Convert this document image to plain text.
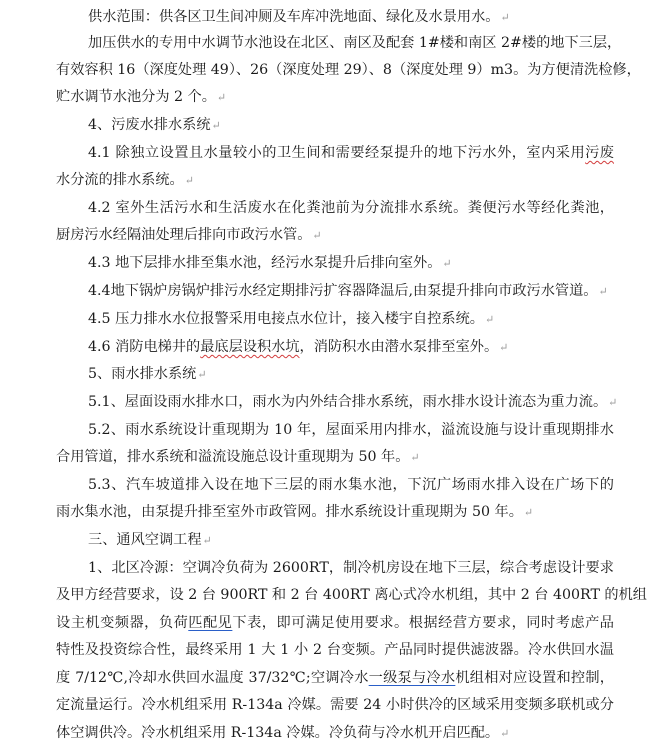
供水范围：供各区卫生间冲厕及车库冲洗地面、绿化及水景用水。↵
加压供水的专用中水调节水池设在北区、南区及配套 1#楼和南区 2#楼的地下三层，
有效容积 16（深度处理 49）、26（深度处理 29）、8（深度处理 9）m3。为方便清洗检修，
贮水调节水池分为 2 个。↵
4、污废水排水系统↵
4.1 除独立设置且水量较小的卫生间和需要经泵提升的地下污水外，室内采用污废
水分流的排水系统。↵
4.2 室外生活污水和生活废水在化粪池前为分流排水系统。粪便污水等经化粪池，
厨房污水经隔油处理后排向市政污水管。↵
4.3 地下层排水排至集水池，经污水泵提升后排向室外。↵
4.4地下锅炉房锅炉排污水经定期排污扩容器降温后,由泵提升排向市政污水管道。↵
4.5 压力排水水位报警采用电接点水位计，接入楼宇自控系统。↵
4.6 消防电梯井的最底层设积水坑，消防积水由潜水泵排至室外。↵
5、雨水排水系统↵
5.1、屋面设雨水排水口，雨水为内外结合排水系统，雨水排水设计流态为重力流。↵
5.2、雨水系统设计重现期为 10 年，屋面采用内排水，溢流设施与设计重现期排水
合用管道，排水系统和溢流设施总设计重现期为 50 年。↵
5.3、汽车坡道排入设在地下三层的雨水集水池，下沉广场雨水排入设在广场下的
雨水集水池，由泵提升排至室外市政管网。排水系统设计重现期为 50 年。↵
三、通风空调工程↵
1、北区冷源：空调冷负荷为 2600RT，制冷机房设在地下三层，综合考虑设计要求
及甲方经营要求，设 2 台 900RT 和 2 台 400RT 离心式冷水机组，其中 2 台 400RT 的机组
设主机变频器，负荷匹配见下表，即可满足使用要求。根据经营方要求，同时考虑产品
特性及投资综合性，最终采用 1 大 1 小 2 台变频。产品同时提供滤波器。冷水供回水温
度 7/12℃,冷却水供回水温度 37/32℃;空调冷水一级泵与冷水机组相对应设置和控制，
定流量运行。冷水机组采用 R-134a 冷媒。需要 24 小时供冷的区域采用变频多联机或分
体空调供冷。冷水机组采用 R-134a 冷媒。冷负荷与冷水机开启匹配。↵
